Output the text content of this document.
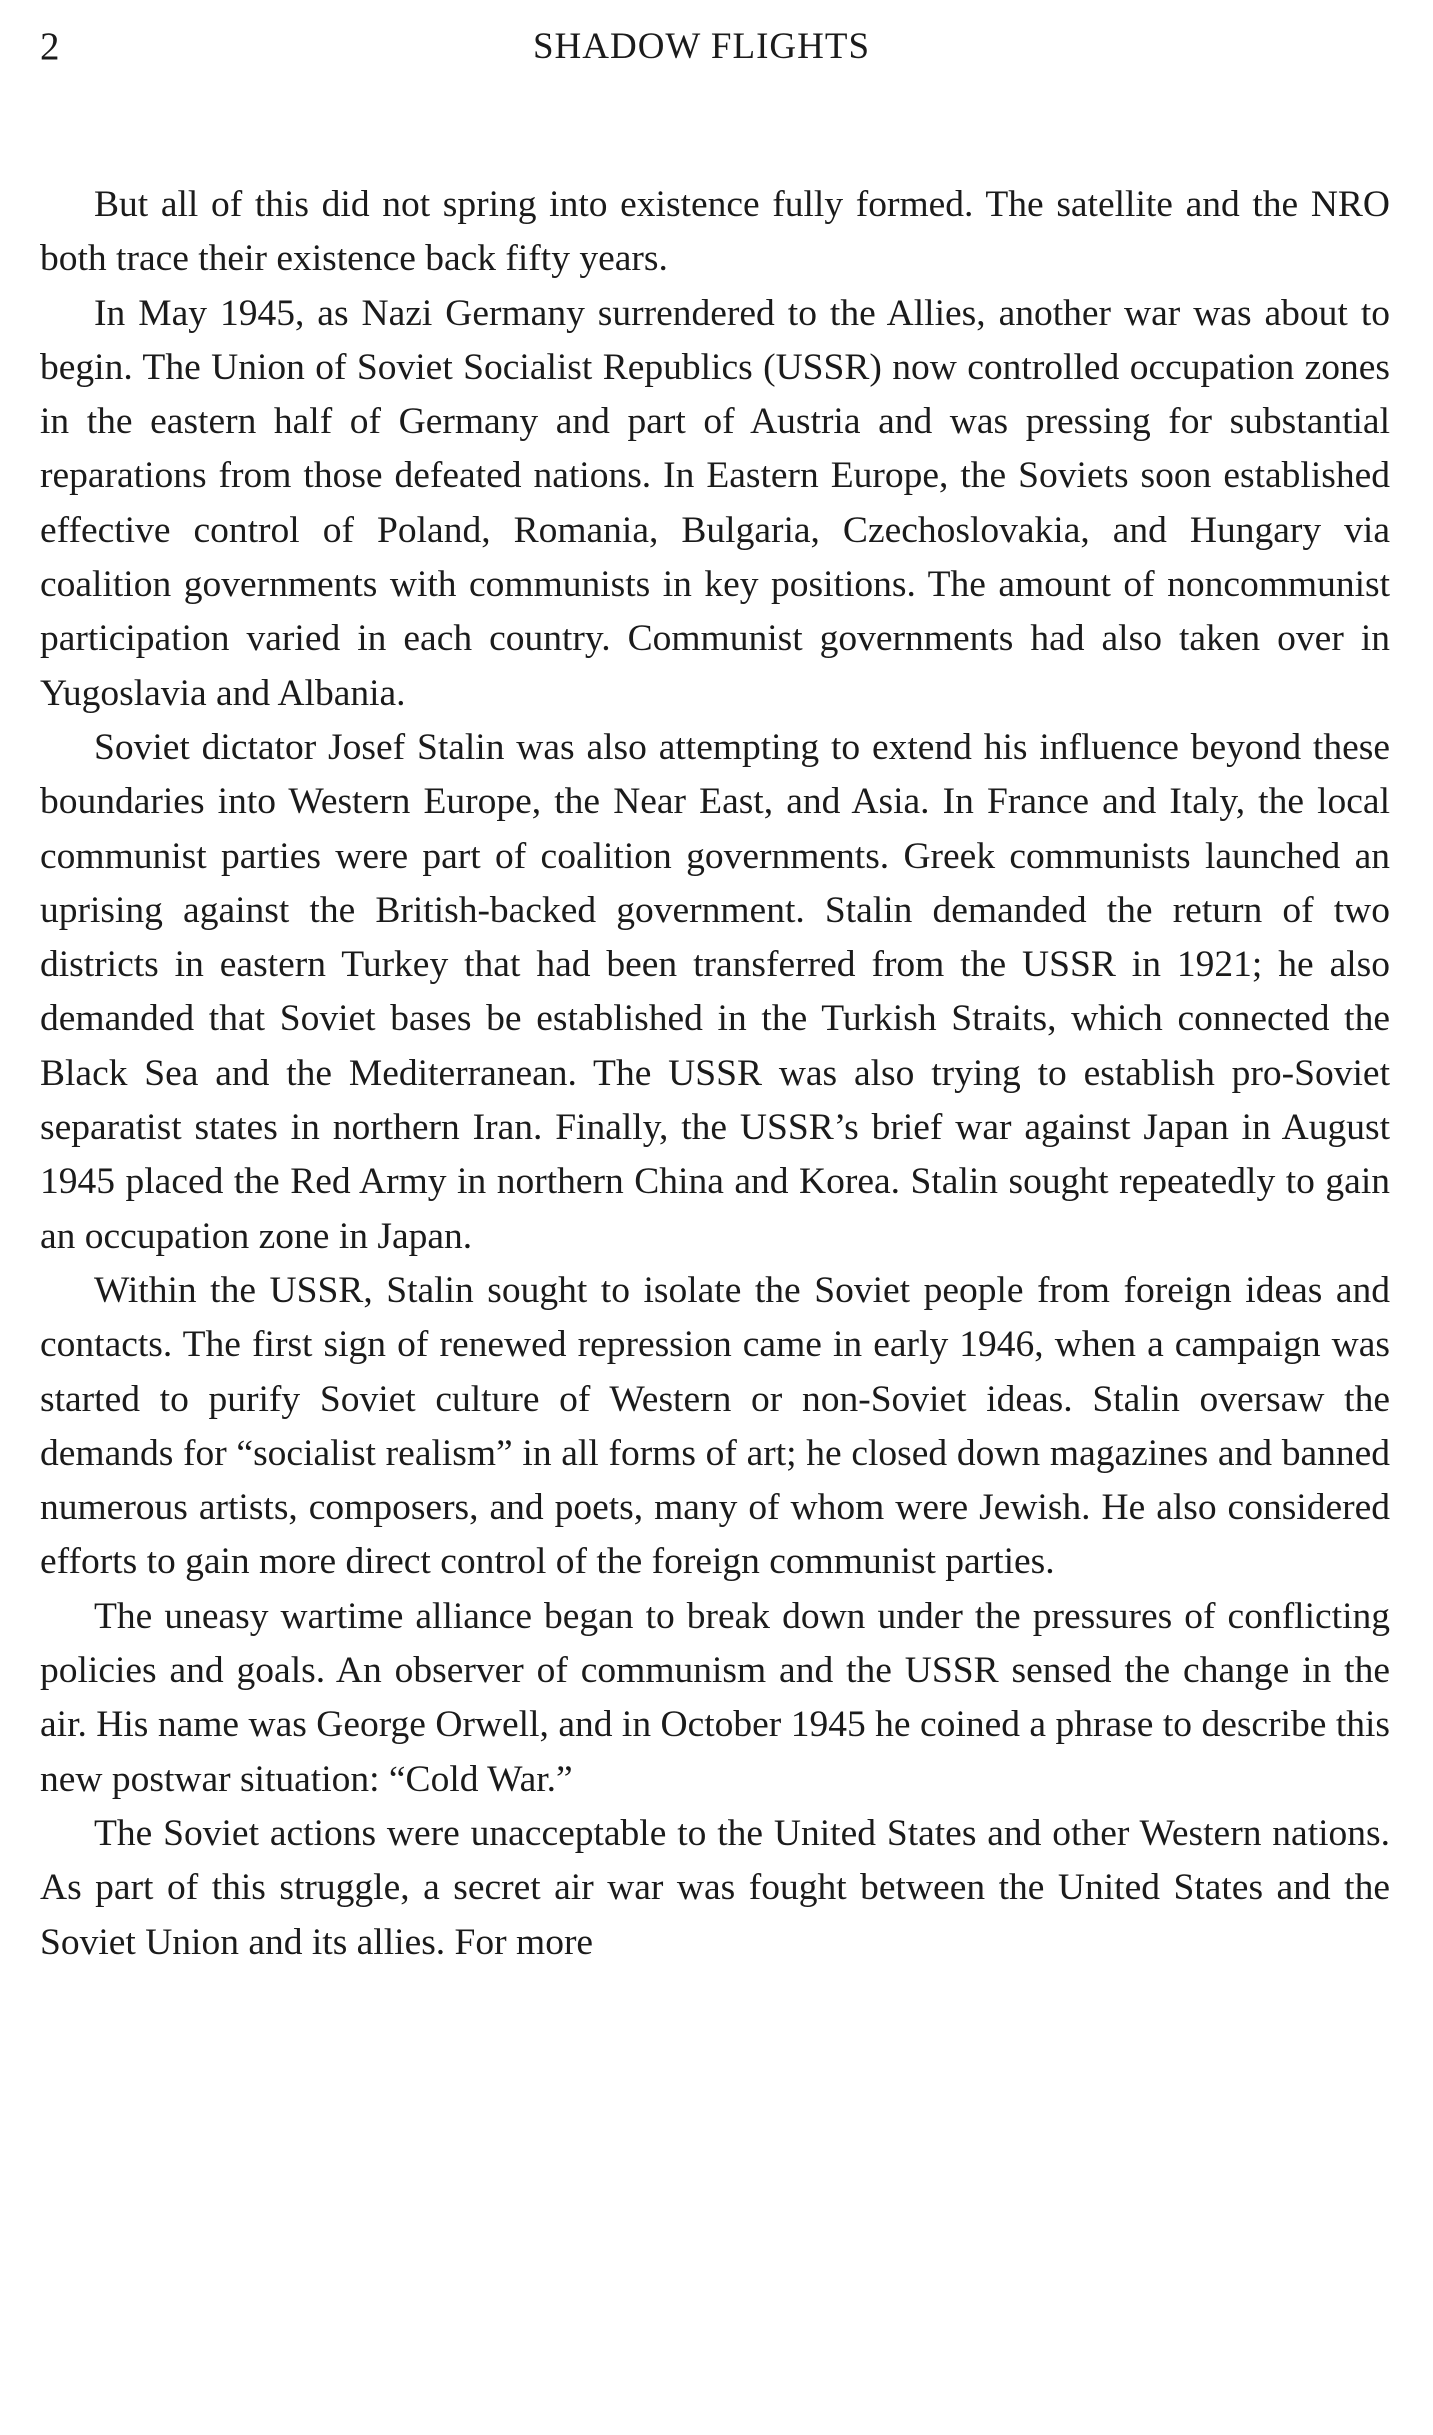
2	SHADOW FLIGHTS

But all of this did not spring into existence fully formed. The satellite and the NRO both trace their existence back fifty years.

In May 1945, as Nazi Germany surrendered to the Allies, another war was about to begin. The Union of Soviet Socialist Republics (USSR) now controlled occupation zones in the eastern half of Germany and part of Austria and was pressing for substantial reparations from those defeated nations. In Eastern Europe, the Soviets soon established effective control of Poland, Romania, Bulgaria, Czechoslovakia, and Hungary via coalition governments with communists in key positions. The amount of noncommunist participation varied in each country. Communist governments had also taken over in Yugoslavia and Albania.

Soviet dictator Josef Stalin was also attempting to extend his influence beyond these boundaries into Western Europe, the Near East, and Asia. In France and Italy, the local communist parties were part of coalition governments. Greek communists launched an uprising against the British-backed government. Stalin demanded the return of two districts in eastern Turkey that had been transferred from the USSR in 1921; he also demanded that Soviet bases be established in the Turkish Straits, which connected the Black Sea and the Mediterranean. The USSR was also trying to establish pro-Soviet separatist states in northern Iran. Finally, the USSR’s brief war against Japan in August 1945 placed the Red Army in northern China and Korea. Stalin sought repeatedly to gain an occupation zone in Japan.

Within the USSR, Stalin sought to isolate the Soviet people from foreign ideas and contacts. The first sign of renewed repression came in early 1946, when a campaign was started to purify Soviet culture of Western or non-Soviet ideas. Stalin oversaw the demands for “socialist realism” in all forms of art; he closed down magazines and banned numerous artists, composers, and poets, many of whom were Jewish. He also considered efforts to gain more direct control of the foreign communist parties.

The uneasy wartime alliance began to break down under the pressures of conflicting policies and goals. An observer of communism and the USSR sensed the change in the air. His name was George Orwell, and in October 1945 he coined a phrase to describe this new postwar situation: “Cold War.”

The Soviet actions were unacceptable to the United States and other Western nations. As part of this struggle, a secret air war was fought between the United States and the Soviet Union and its allies. For more
